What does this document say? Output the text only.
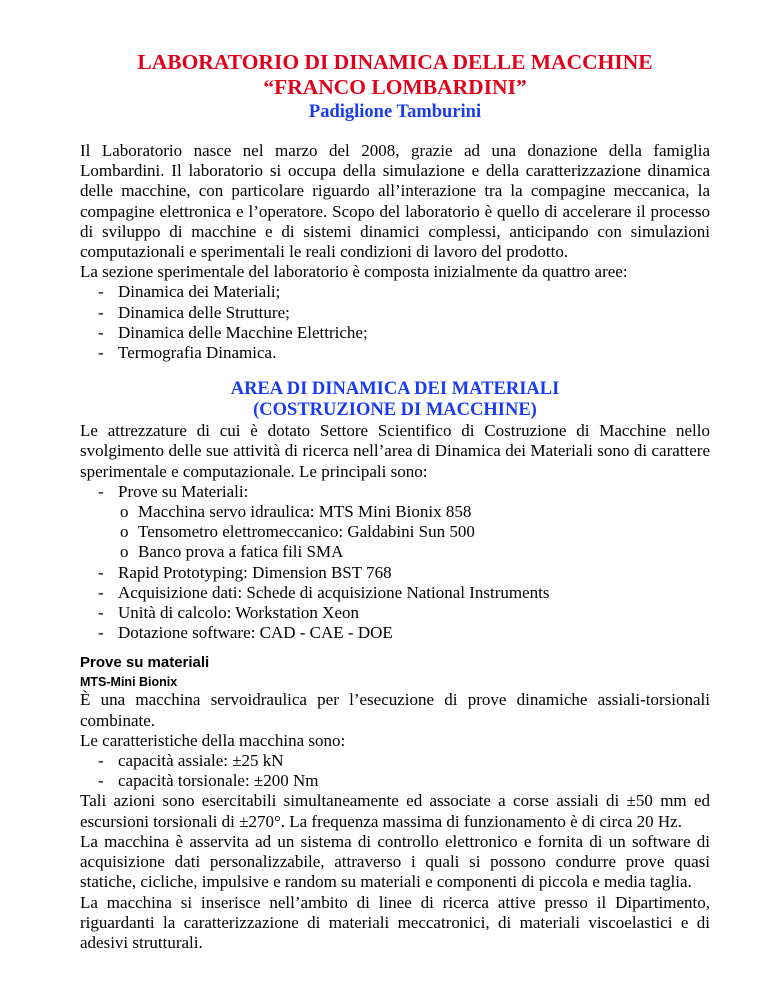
LABORATORIO DI DINAMICA DELLE MACCHINE
“FRANCO LOMBARDINI”
Padiglione Tamburini

Il Laboratorio nasce nel marzo del 2008, grazie ad una donazione della famiglia Lombardini. Il laboratorio si occupa della simulazione e della caratterizzazione dinamica delle macchine, con particolare riguardo all’interazione tra la compagine meccanica, la compagine elettronica e l’operatore. Scopo del laboratorio è quello di accelerare il processo di sviluppo di macchine e di sistemi dinamici complessi, anticipando con simulazioni computazionali e sperimentali le reali condizioni di lavoro del prodotto.

La sezione sperimentale del laboratorio è composta inizialmente da quattro aree:

- Dinamica dei Materiali;
- Dinamica delle Strutture;
- Dinamica delle Macchine Elettriche;
- Termografia Dinamica.
AREA DI DINAMICA DEI MATERIALI
(COSTRUZIONE DI MACCHINE)

Le attrezzature di cui è dotato Settore Scientifico di Costruzione di Macchine nello svolgimento delle sue attività di ricerca nell’area di Dinamica dei Materiali sono di carattere sperimentale e computazionale. Le principali sono:

- Prove su Materiali:
o Macchina servo idraulica: MTS Mini Bionix 858
o Tensometro elettromeccanico: Galdabini Sun 500
o Banco prova a fatica fili SMA
- Rapid Prototyping: Dimension BST 768
- Acquisizione dati: Schede di acquisizione National Instruments
- Unità di calcolo: Workstation Xeon
- Dotazione software: CAD - CAE - DOE
Prove su materiali
MTS-Mini Bionix

È una macchina servoidraulica per l’esecuzione di prove dinamiche assiali-torsionali combinate.

Le caratteristiche della macchina sono:

- capacità assiale: ±25 kN
- capacità torsionale: ±200 Nm

Tali azioni sono esercitabili simultaneamente ed associate a corse assiali di ±50 mm ed escursioni torsionali di ±270°. La frequenza massima di funzionamento è di circa 20 Hz.

La macchina è asservita ad un sistema di controllo elettronico e fornita di un software di acquisizione dati personalizzabile, attraverso i quali si possono condurre prove quasi statiche, cicliche, impulsive e random su materiali e componenti di piccola e media taglia.

La macchina si inserisce nell’ambito di linee di ricerca attive presso il Dipartimento, riguardanti la caratterizzazione di materiali meccatronici, di materiali viscoelastici e di adesivi strutturali.
